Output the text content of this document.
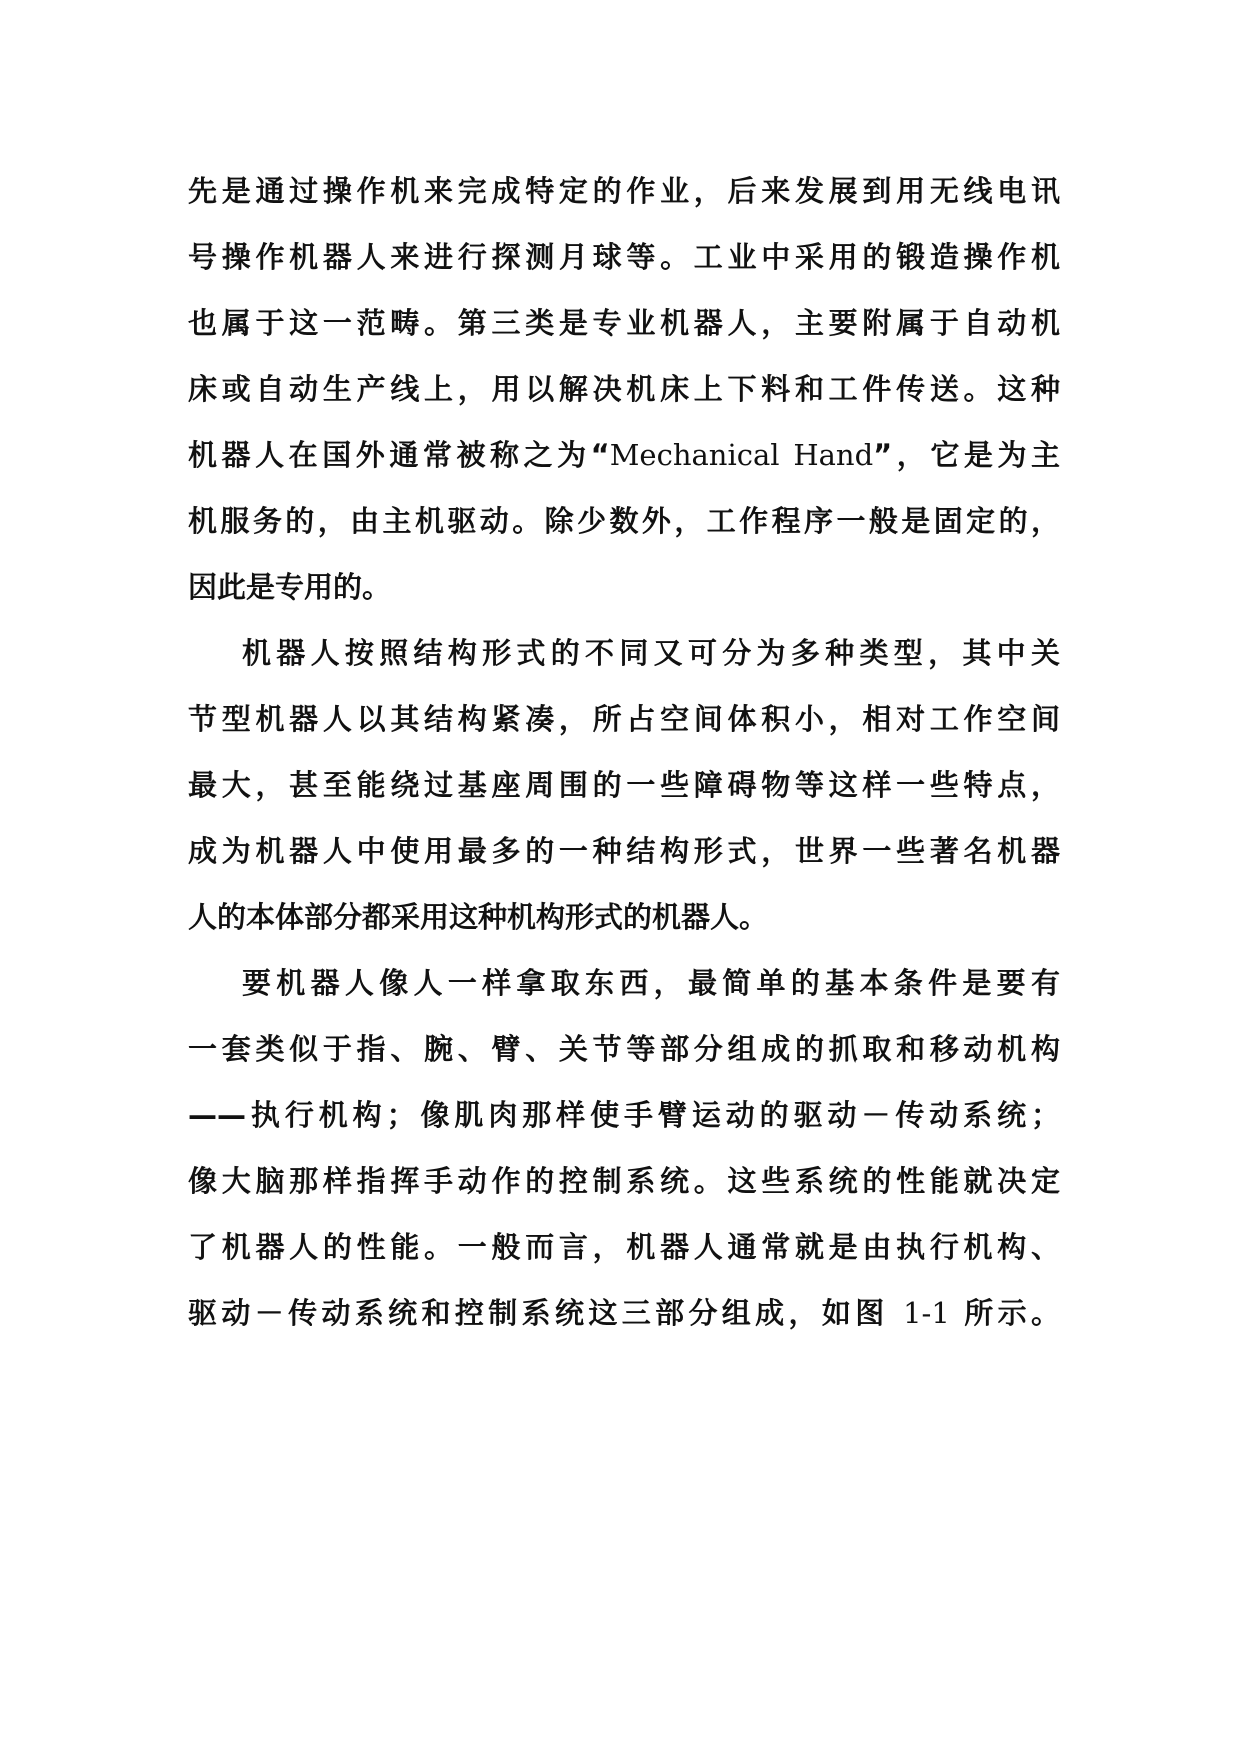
先是通过操作机来完成特定的作业，后来发展到用无线电讯
号操作机器人来进行探测月球等。工业中采用的锻造操作机
也属于这一范畴。第三类是专业机器人，主要附属于自动机
床或自动生产线上，用以解决机床上下料和工件传送。这种
机器人在国外通常被称之为“Mechanical Hand”，它是为主
机服务的，由主机驱动。除少数外，工作程序一般是固定的，
因此是专用的。
机器人按照结构形式的不同又可分为多种类型，其中关
节型机器人以其结构紧凑，所占空间体积小，相对工作空间
最大，甚至能绕过基座周围的一些障碍物等这样一些特点，
成为机器人中使用最多的一种结构形式，世界一些著名机器
人的本体部分都采用这种机构形式的机器人。
要机器人像人一样拿取东西，最简单的基本条件是要有
一套类似于指、腕、臂、关节等部分组成的抓取和移动机构
——执行机构；像肌肉那样使手臂运动的驱动－传动系统；
像大脑那样指挥手动作的控制系统。这些系统的性能就决定
了机器人的性能。一般而言，机器人通常就是由执行机构、
驱动－传动系统和控制系统这三部分组成，如图 1-1 所示。
